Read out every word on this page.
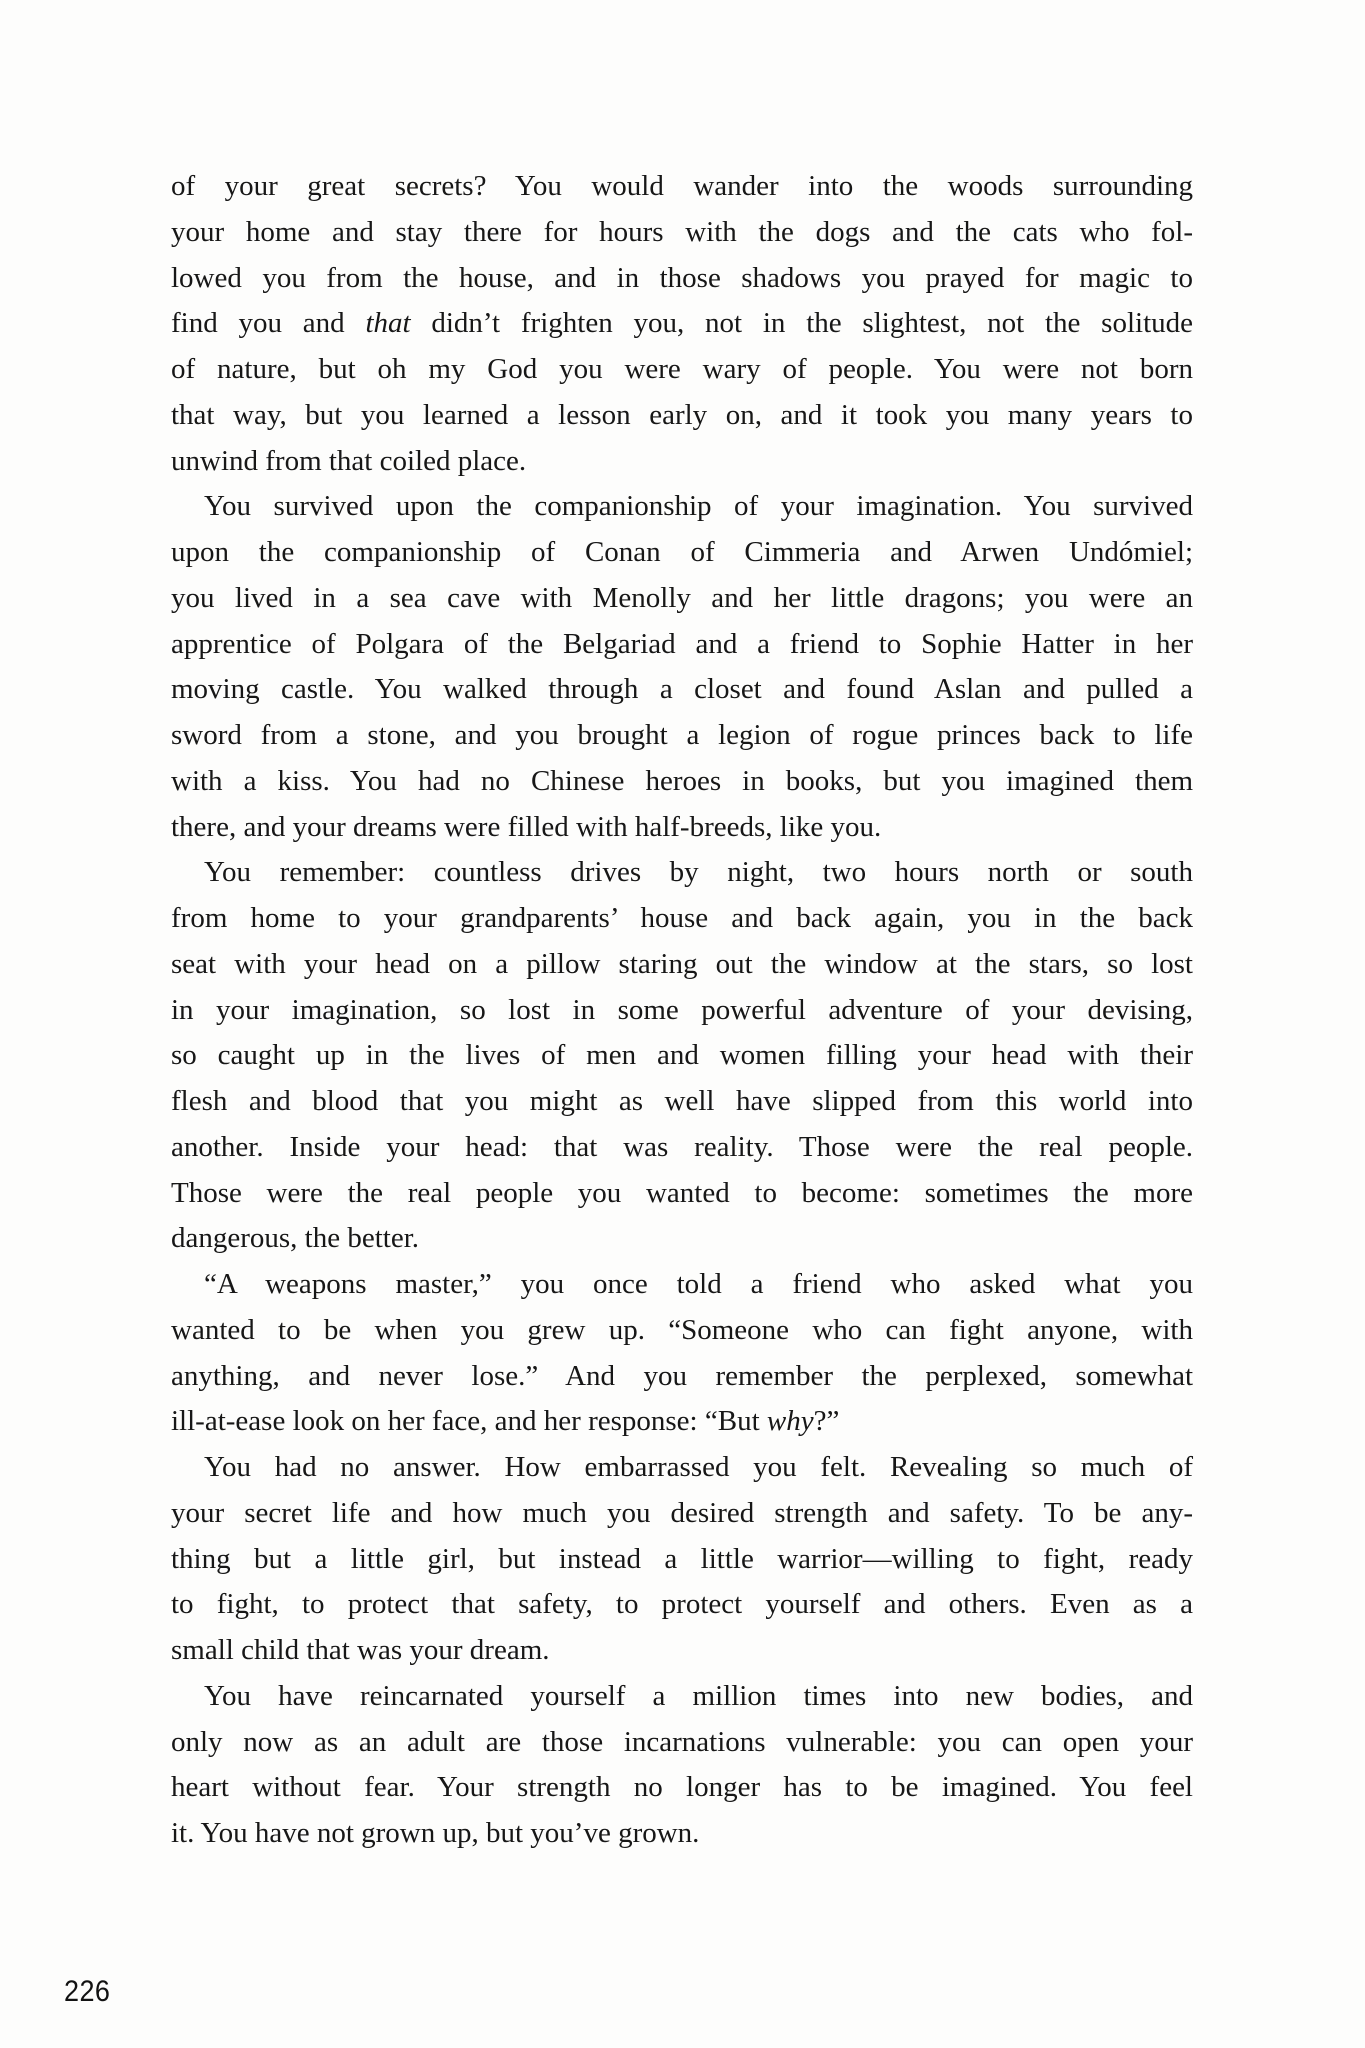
of your great secrets? You would wander into the woods surrounding
your home and stay there for hours with the dogs and the cats who fol-
lowed you from the house, and in those shadows you prayed for magic to
find you and that didn’t frighten you, not in the slightest, not the solitude
of nature, but oh my God you were wary of people. You were not born
that way, but you learned a lesson early on, and it took you many years to
unwind from that coiled place.
You survived upon the companionship of your imagination. You survived
upon the companionship of Conan of Cimmeria and Arwen Undómiel;
you lived in a sea cave with Menolly and her little dragons; you were an
apprentice of Polgara of the Belgariad and a friend to Sophie Hatter in her
moving castle. You walked through a closet and found Aslan and pulled a
sword from a stone, and you brought a legion of rogue princes back to life
with a kiss. You had no Chinese heroes in books, but you imagined them
there, and your dreams were filled with half-breeds, like you.
You remember: countless drives by night, two hours north or south
from home to your grandparents’ house and back again, you in the back
seat with your head on a pillow staring out the window at the stars, so lost
in your imagination, so lost in some powerful adventure of your devising,
so caught up in the lives of men and women filling your head with their
flesh and blood that you might as well have slipped from this world into
another. Inside your head: that was reality. Those were the real people.
Those were the real people you wanted to become: sometimes the more
dangerous, the better.
“A weapons master,” you once told a friend who asked what you
wanted to be when you grew up. “Someone who can fight anyone, with
anything, and never lose.” And you remember the perplexed, somewhat
ill-at-ease look on her face, and her response: “But why?”
You had no answer. How embarrassed you felt. Revealing so much of
your secret life and how much you desired strength and safety. To be any-
thing but a little girl, but instead a little warrior—willing to fight, ready
to fight, to protect that safety, to protect yourself and others. Even as a
small child that was your dream.
You have reincarnated yourself a million times into new bodies, and
only now as an adult are those incarnations vulnerable: you can open your
heart without fear. Your strength no longer has to be imagined. You feel
it. You have not grown up, but you’ve grown.
226
